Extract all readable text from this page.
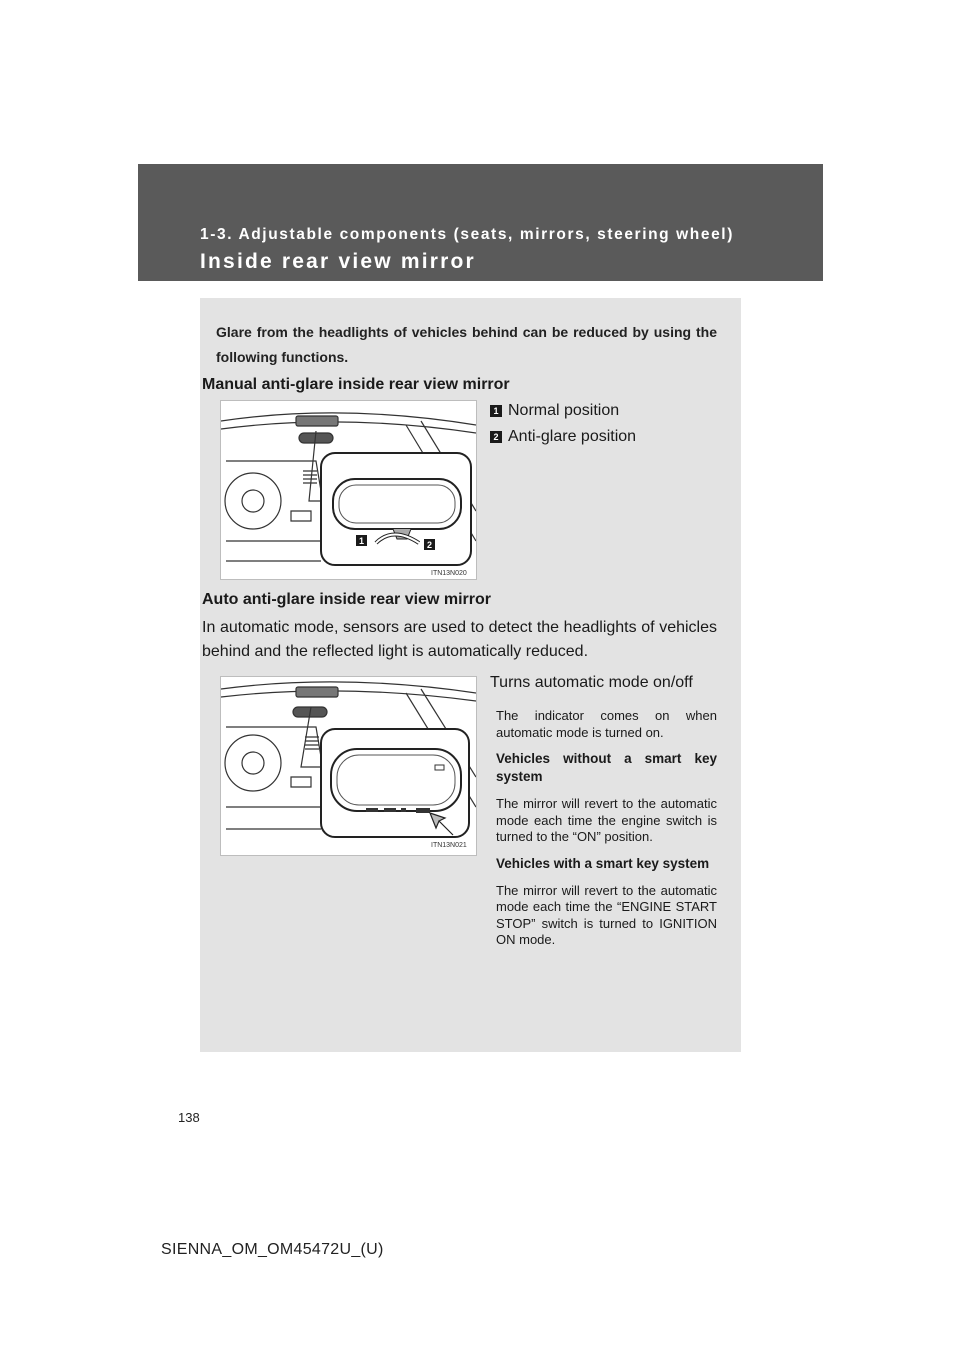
1-3. Adjustable components (seats, mirrors, steering wheel)
Inside rear view mirror
Glare from the headlights of vehicles behind can be reduced by using the following functions.
Manual anti-glare inside rear view mirror
1 Normal position
2 Anti-glare position
1	2
ITN13N020
Auto anti-glare inside rear view mirror
In automatic mode, sensors are used to detect the headlights of vehicles behind and the reflected light is automatically reduced.
Turns automatic mode on/off
ITN13N021

The indicator comes on when automatic mode is turned on.

Vehicles without a smart key system

The mirror will revert to the automatic mode each time the engine switch is turned to the “ON” position.

Vehicles with a smart key system

The mirror will revert to the automatic mode each time the “ENGINE START STOP” switch is turned to IGNITION ON mode.

138
SIENNA_OM_OM45472U_(U)
